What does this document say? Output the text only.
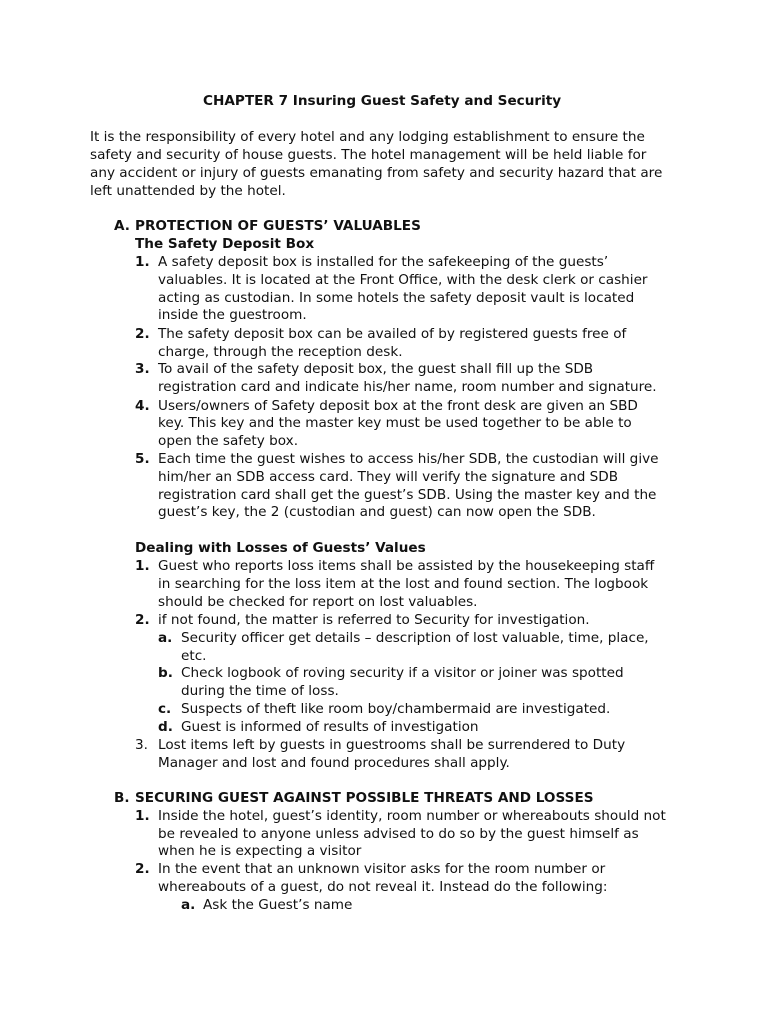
CHAPTER 7 Insuring Guest Safety and Security
It is the responsibility of every hotel and any lodging establishment to ensure the
safety and security of house guests. The hotel management will be held liable for
any accident or injury of guests emanating from safety and security hazard that are
left unattended by the hotel.
A. PROTECTION OF GUESTS’ VALUABLES
The Safety Deposit Box
1. A safety deposit box is installed for the safekeeping of the guests’
valuables. It is located at the Front Office, with the desk clerk or cashier
acting as custodian. In some hotels the safety deposit vault is located
inside the guestroom.
2. The safety deposit box can be availed of by registered guests free of
charge, through the reception desk.
3. To avail of the safety deposit box, the guest shall fill up the SDB
registration card and indicate his/her name, room number and signature.
4. Users/owners of Safety deposit box at the front desk are given an SBD
key. This key and the master key must be used together to be able to
open the safety box.
5. Each time the guest wishes to access his/her SDB, the custodian will give
him/her an SDB access card. They will verify the signature and SDB
registration card shall get the guest’s SDB. Using the master key and the
guest’s key, the 2 (custodian and guest) can now open the SDB.
Dealing with Losses of Guests’ Values
1. Guest who reports loss items shall be assisted by the housekeeping staff
in searching for the loss item at the lost and found section. The logbook
should be checked for report on lost valuables.
2. if not found, the matter is referred to Security for investigation.
a. Security officer get details – description of lost valuable, time, place,
etc.
b. Check logbook of roving security if a visitor or joiner was spotted
during the time of loss.
c. Suspects of theft like room boy/chambermaid are investigated.
d. Guest is informed of results of investigation
3. Lost items left by guests in guestrooms shall be surrendered to Duty
Manager and lost and found procedures shall apply.
B. SECURING GUEST AGAINST POSSIBLE THREATS AND LOSSES
1. Inside the hotel, guest’s identity, room number or whereabouts should not
be revealed to anyone unless advised to do so by the guest himself as
when he is expecting a visitor
2. In the event that an unknown visitor asks for the room number or
whereabouts of a guest, do not reveal it. Instead do the following:
a. Ask the Guest’s name
